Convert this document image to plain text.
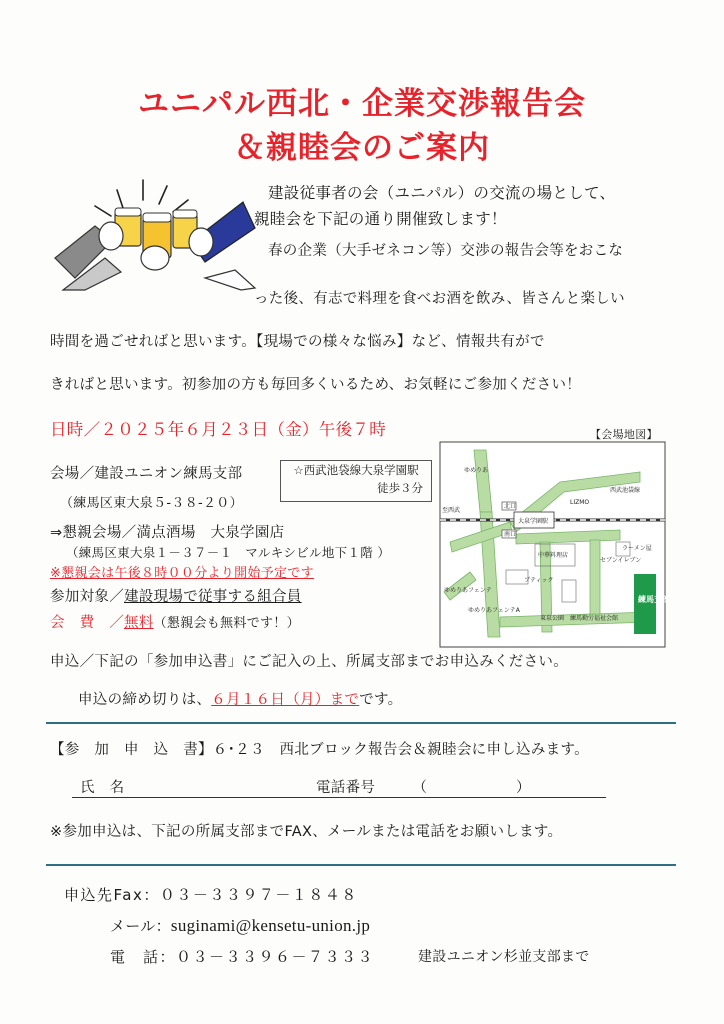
ユニパル西北・企業交渉報告会
＆親睦会のご案内
建設従事者の会（ユニパル）の交流の場として、
親睦会を下記の通り開催致します！
春の企業（大手ゼネコン等）交渉の報告会等をおこな
った後、有志で料理を食べお酒を飲み、皆さんと楽しい
時間を過ごせればと思います。【現場での様々な悩み】など、情報共有がで
きればと思います。初参加の方も毎回多くいるため、お気軽にご参加ください！
日時／２０２５年６月２３日（金）午後７時	【会場地図】
会場／建設ユニオン練馬支部
（練馬区東大泉５-３８-２０）
☆西武池袋線大泉学園駅
徒歩３分
⇒懇親会場／満点酒場　大泉学園店
（練馬区東大泉１－３７－１　マルキシビル地下１階 ）
※懇親会は午後８時００分より開始予定です
参加対象／建設現場で従事する組合員
会　費　／無料（懇親会も無料です！）
申込／下記の「参加申込書」にご記入の上、所属支部までお申込みください。
申込の締め切りは、６月１６日（月）までです。
ゆめりあ
西武池袋線
LIZMO
北口
大泉学園駅
南口
ラーメン屋
中華料理店
ゆめりあフェンテ
ゆめりあフェンテA
ブティック
セブンイレブン
東泉公園 練馬勤労福祉会館
至西武
練馬支部
【参　加　申　込　書】６･２３　西北ブロック報告会＆親睦会に申し込みます。
氏　名	電話番号　　　（　　　　　　）
※参加申込は、下記の所属支部までFAX、メールまたは電話をお願いします。
申込先Fax：０３－３３９７－１８４８
メール：suginami@kensetu-union.jp
電　話：０３－３３９６－７３３３	建設ユニオン杉並支部まで
